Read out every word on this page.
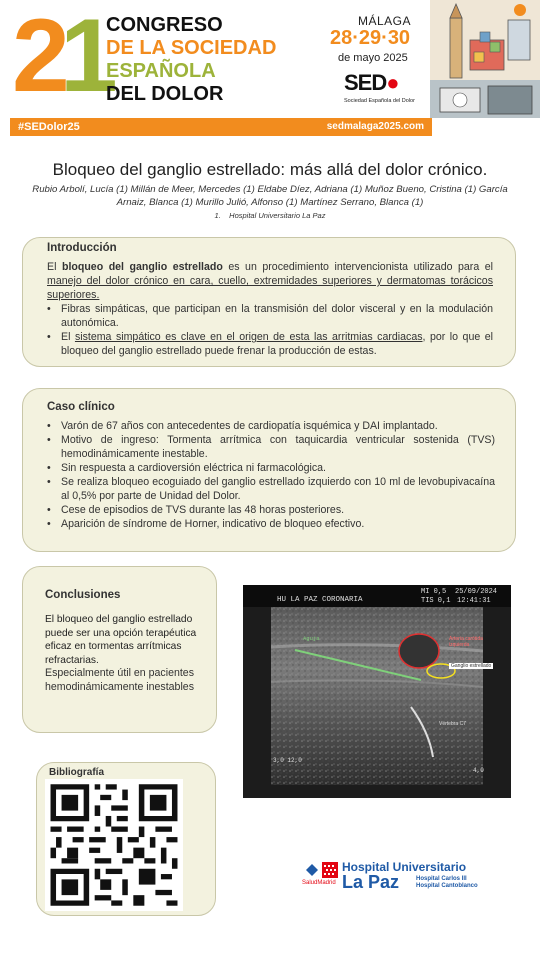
21
CONGRESO
DE LA SOCIEDAD
ESPAÑOLA
DEL DOLOR
MÁLAGA
28·29·30
de mayo 2025
SED●
Sociedad Española del Dolor
#SEDolor25	sedmalaga2025.com
Bloqueo del ganglio estrellado: más allá del dolor crónico.
Rubio Arbolí, Lucía (1) Millán de Meer, Mercedes (1) Eldabe Díez, Adriana (1) Muñoz Bueno, Cristina (1) García Arnaiz, Blanca (1) Murillo Julió, Alfonso (1) Martínez Serrano, Blanca (1)
1. Hospital Universitario La Paz
Introducción

El bloqueo del ganglio estrellado es un procedimiento intervencionista utilizado para el manejo del dolor crónico en cara, cuello, extremidades superiores y dermatomas torácicos superiores.

• Fibras simpáticas, que participan en la transmisión del dolor visceral y en la modulación autonómica.
• El sistema simpático es clave en el origen de esta las arritmias cardiacas, por lo que el bloqueo del ganglio estrellado puede frenar la producción de estas.
Caso clínico
• Varón de 67 años con antecedentes de cardiopatía isquémica y DAI implantado.
• Motivo de ingreso: Tormenta arrítmica con taquicardia ventricular sostenida (TVS) hemodinámicamente inestable.
• Sin respuesta a cardioversión eléctrica ni farmacológica.
• Se realiza bloqueo ecoguiado del ganglio estrellado izquierdo con 10 ml de levobupivacaína al 0,5% por parte de Unidad del Dolor.
• Cese de episodios de TVS durante las 48 horas posteriores.
• Aparición de síndrome de Horner, indicativo de bloqueo efectivo.
Conclusiones

El bloqueo del ganglio estrellado puede ser una opción terapéutica eficaz en tormentas arrítmicas refractarias.

Especialmente útil en pacientes hemodinámicamente inestables

HU LA PAZ CORONARIA
MI 0,5
TIS 0,1
25/09/2024
12:41:31
Aguja	Arteria carótida izquierda
Ganglio estrellado
Vértebra C7
3,0 12,0
4,0
Bibliografía
SaludMadrid
Hospital Universitario
La Paz	Hospital Carlos III
Hospital Cantoblanco
